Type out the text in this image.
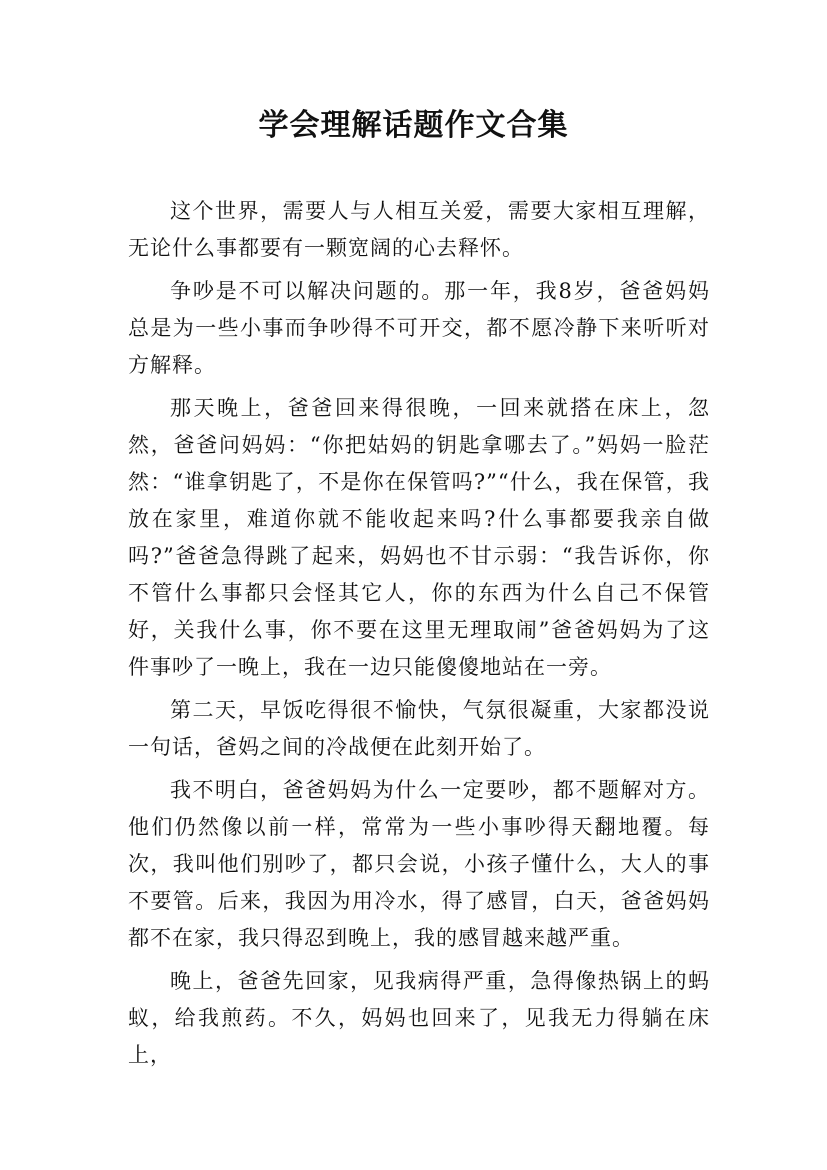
学会理解话题作文合集

这个世界，需要人与人相互关爱，需要大家相互理解，无论什么事都要有一颗宽阔的心去释怀。

争吵是不可以解决问题的。那一年，我8岁，爸爸妈妈总是为一些小事而争吵得不可开交，都不愿冷静下来听听对方解释。

那天晚上，爸爸回来得很晚，一回来就搭在床上，忽然，爸爸问妈妈：“你把姑妈的钥匙拿哪去了。”妈妈一脸茫然：“谁拿钥匙了，不是你在保管吗?”“什么，我在保管，我放在家里，难道你就不能收起来吗?什么事都要我亲自做吗?”爸爸急得跳了起来，妈妈也不甘示弱：“我告诉你，你不管什么事都只会怪其它人，你的东西为什么自己不保管好，关我什么事，你不要在这里无理取闹”爸爸妈妈为了这件事吵了一晚上，我在一边只能傻傻地站在一旁。

第二天，早饭吃得很不愉快，气氛很凝重，大家都没说一句话，爸妈之间的冷战便在此刻开始了。

我不明白，爸爸妈妈为什么一定要吵，都不题解对方。他们仍然像以前一样，常常为一些小事吵得天翻地覆。每次，我叫他们别吵了，都只会说，小孩子懂什么，大人的事不要管。后来，我因为用冷水，得了感冒，白天，爸爸妈妈都不在家，我只得忍到晚上，我的感冒越来越严重。

晚上，爸爸先回家，见我病得严重，急得像热锅上的蚂蚁，给我煎药。不久，妈妈也回来了，见我无力得躺在床上，
